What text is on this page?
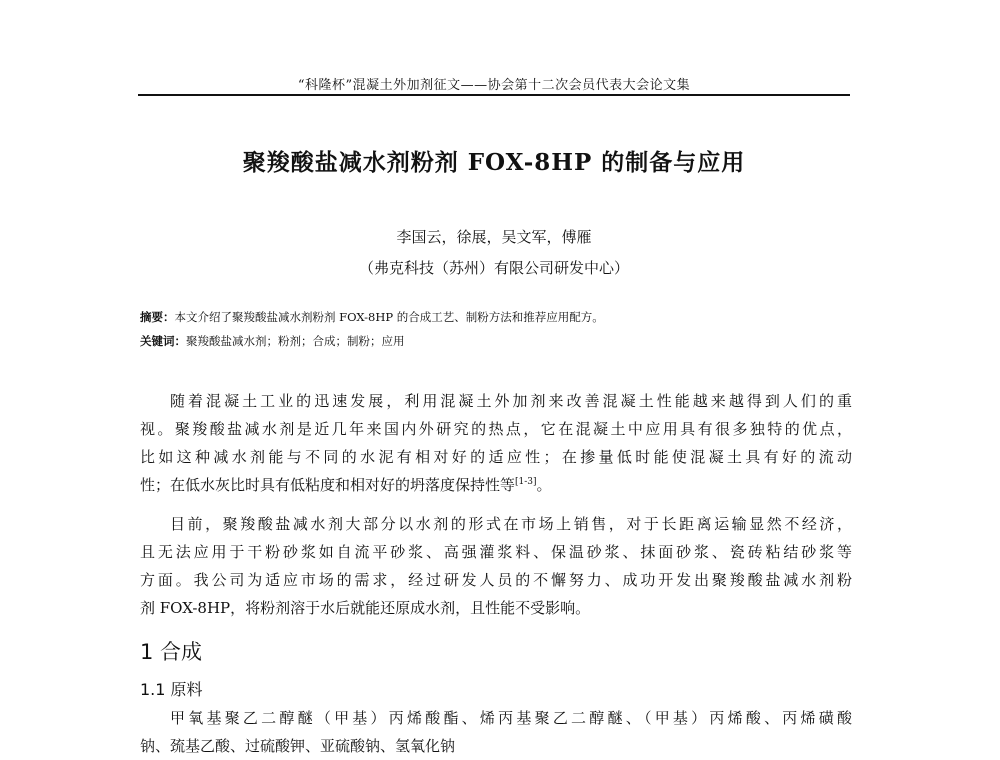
“科隆杯”混凝土外加剂征文——协会第十二次会员代表大会论文集
聚羧酸盐减水剂粉剂 FOX-8HP 的制备与应用
李国云，徐展，吴文军，傅雁
（弗克科技（苏州）有限公司研发中心）
摘要：本文介绍了聚羧酸盐减水剂粉剂 FOX-8HP 的合成工艺、制粉方法和推荐应用配方。
关键词：聚羧酸盐减水剂；粉剂；合成；制粉；应用
随着混凝土工业的迅速发展，利用混凝土外加剂来改善混凝土性能越来越得到人们的重
视。聚羧酸盐减水剂是近几年来国内外研究的热点，它在混凝土中应用具有很多独特的优点，
比如这种减水剂能与不同的水泥有相对好的适应性；在掺量低时能使混凝土具有好的流动
性；在低水灰比时具有低粘度和相对好的坍落度保持性等[1-3]。
目前，聚羧酸盐减水剂大部分以水剂的形式在市场上销售，对于长距离运输显然不经济，
且无法应用于干粉砂浆如自流平砂浆、高强灌浆料、保温砂浆、抹面砂浆、瓷砖粘结砂浆等
方面。我公司为适应市场的需求，经过研发人员的不懈努力、成功开发出聚羧酸盐减水剂粉
剂 FOX-8HP，将粉剂溶于水后就能还原成水剂，且性能不受影响。
1 合成
1.1 原料
甲氧基聚乙二醇醚（甲基）丙烯酸酯、烯丙基聚乙二醇醚、（甲基）丙烯酸、丙烯磺酸
钠、巯基乙酸、过硫酸钾、亚硫酸钠、氢氧化钠
